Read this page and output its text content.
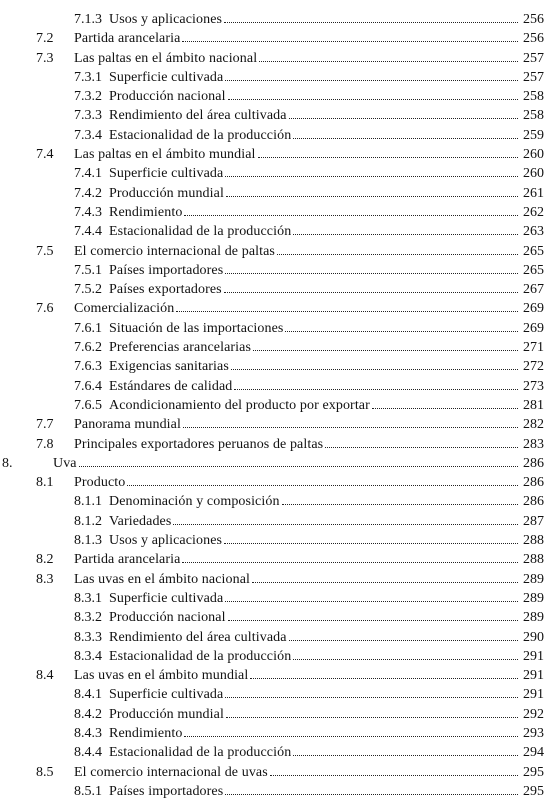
7.1.3 Usos y aplicaciones	256
7.2 Partida arancelaria	256
7.3 Las paltas en el ámbito nacional	257
7.3.1 Superficie cultivada	257
7.3.2 Producción nacional	258
7.3.3 Rendimiento del área cultivada	258
7.3.4 Estacionalidad de la producción	259
7.4 Las paltas en el ámbito mundial	260
7.4.1 Superficie cultivada	260
7.4.2 Producción mundial	261
7.4.3 Rendimiento	262
7.4.4 Estacionalidad de la producción	263
7.5 El comercio internacional de paltas	265
7.5.1 Países importadores	265
7.5.2 Países exportadores	267
7.6 Comercialización	269
7.6.1 Situación de las importaciones	269
7.6.2 Preferencias arancelarias	271
7.6.3 Exigencias sanitarias	272
7.6.4 Estándares de calidad	273
7.6.5 Acondicionamiento del producto por exportar	281
7.7 Panorama mundial	282
7.8 Principales exportadores peruanos de paltas	283
8.	Uva	286
8.1 Producto	286
8.1.1 Denominación y composición	286
8.1.2 Variedades	287
8.1.3 Usos y aplicaciones	288
8.2 Partida arancelaria	288
8.3 Las uvas en el ámbito nacional	289
8.3.1 Superficie cultivada	289
8.3.2 Producción nacional	289
8.3.3 Rendimiento del área cultivada	290
8.3.4 Estacionalidad de la producción	291
8.4 Las uvas en el ámbito mundial	291
8.4.1 Superficie cultivada	291
8.4.2 Producción mundial	292
8.4.3 Rendimiento	293
8.4.4 Estacionalidad de la producción	294
8.5 El comercio internacional de uvas	295
8.5.1 Países importadores	295
